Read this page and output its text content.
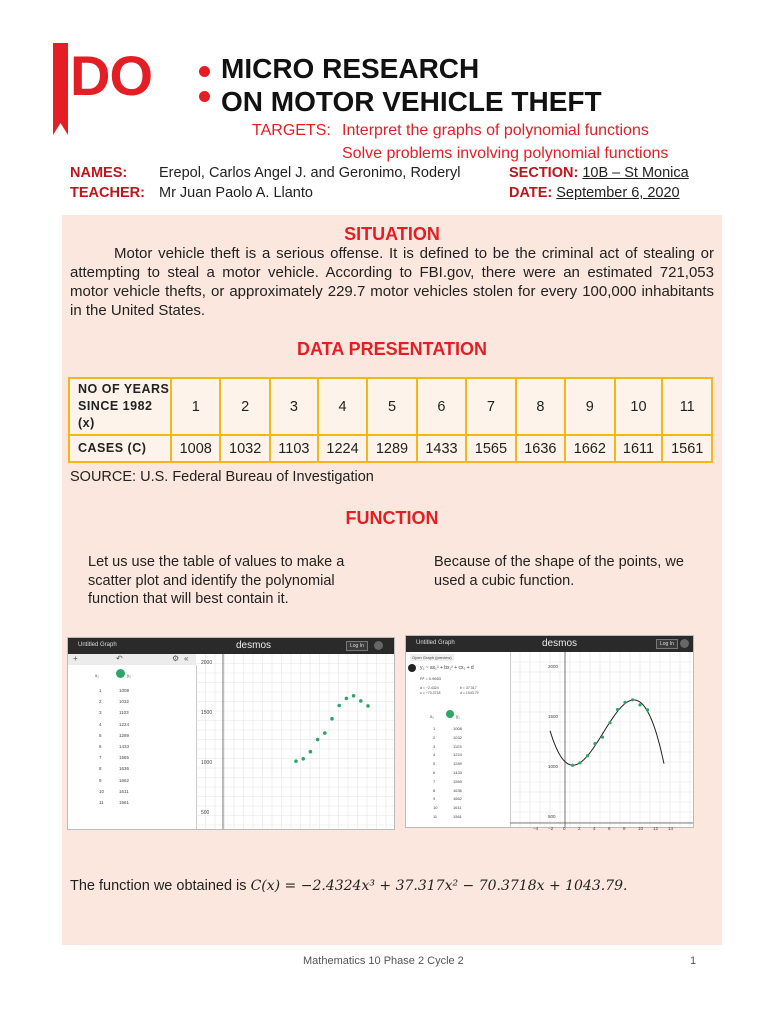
DO MICRO RESEARCH
ON MOTOR VEHICLE THEFT
TARGETS: Interpret the graphs of polynomial functions
Solve problems involving polynomial functions
NAMES: Erepol, Carlos Angel J. and Geronimo, Roderyl
TEACHER: Mr Juan Paolo A. Llanto
SECTION: 10B – St Monica
DATE: September 6, 2020
SITUATION
Motor vehicle theft is a serious offense. It is defined to be the criminal act of stealing or attempting to steal a motor vehicle. According to FBI.gov, there were an estimated 721,053 motor vehicle thefts, or approximately 229.7 motor vehicles stolen for every 100,000 inhabitants in the United States.
DATA PRESENTATION
NO OF YEARS SINCE 1982 (x)	1	2	3	4	5	6	7	8	9	10	11
CASES (C)	1008	1032	1103	1224	1289	1433	1565	1636	1662	1611	1561
SOURCE: U.S. Federal Bureau of Investigation
FUNCTION
Let us use the table of values to make a scatter plot and identify the polynomial function that will best contain it.
Because of the shape of the points, we used a cubic function.
Untitled Graph	desmos	Log In
+	↶	⚙ «
x₁	y₁
1	1008
2	1032
3	1103
4	1224
5	1289
6	1433
7	1565
8	1636
9	1662
10	1611
11	1561
2000
1500
1000
500
Untitled Graph	desmos	Log In
Open Graph (preview)
y₁ ~ ax₁³ + bx₁² + cx₁ + d
R² = 0.9653
a = −2.4324	b = 37.317
c = −70.3718	d = 1043.79
x₁	y₁
1	1008
2	1032
3	1103
4	1224
5	1289
6	1433
7	1565
8	1636
9	1662
10	1611
11	1561
2000
1500
1000
500
−4 −2 0	2	4	6	8	10 12 14
The function we obtained is C(x) = −2.4324x³ + 37.317x² − 70.3718x + 1043.79.
Mathematics 10 Phase 2 Cycle 2	1
